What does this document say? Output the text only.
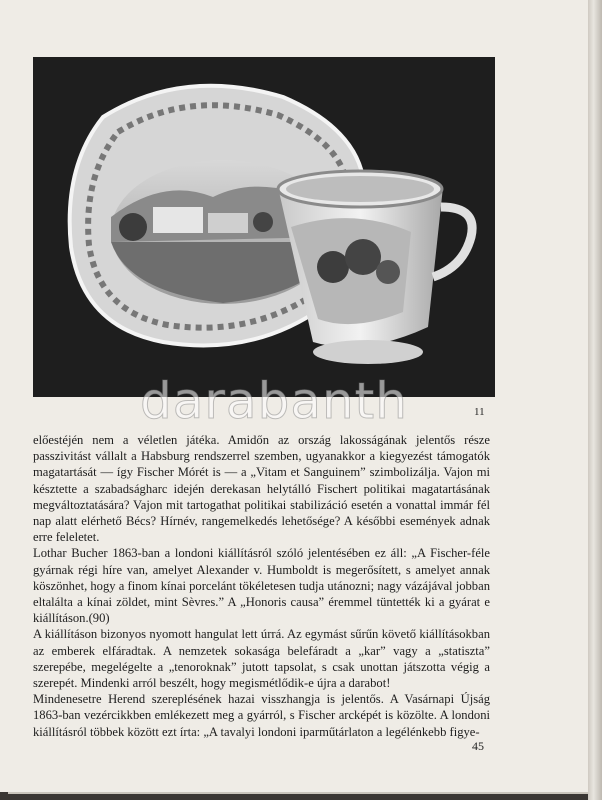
darabanth	11

előestéjén nem a véletlen játéka. Amidőn az ország lakosságának jelentős része passzivitást vállalt a Habsburg rendszerrel szemben, ugyanakkor a kiegyezést támogatók magatartását — így Fischer Mórét is — a „Vitam et Sanguinem” szimbolizálja. Vajon mi késztette a szabadságharc idején derekasan helytálló Fischert politikai magatartásának megváltoztatására? Vajon mit tartogathat politikai stabilizáció esetén a vonattal immár fél nap alatt elérhető Bécs? Hírnév, rangemelkedés lehetősége? A későbbi események adnak erre feleletet.

Lothar Bucher 1863-ban a londoni kiállításról szóló jelentésében ez áll: „A Fischer-féle gyárnak régi híre van, amelyet Alexander v. Humboldt is megerősített, s amelyet annak köszönhet, hogy a finom kínai porcelánt tökéletesen tudja utánozni; nagy vázájával jobban eltalálta a kínai zöldet, mint Sèvres.” A „Honoris causa” éremmel tüntették ki a gyárat e kiállításon.(90)

A kiállításon bizonyos nyomott hangulat lett úrrá. Az egymást sűrűn követő kiállításokban az emberek elfáradtak. A nemzetek sokasága belefáradt a „kar” vagy a „statiszta” szerepébe, megelégelte a „tenoroknak” jutott tapsolat, s csak unottan játszotta végig a szerepét. Mindenki arról beszélt, hogy megismétlődik-e újra a darabot!

Mindenesetre Herend szereplésének hazai visszhangja is jelentős. A Vasárnapi Újság 1863-ban vezércikkben emlékezett meg a gyárról, s Fischer arcképét is közölte. A londoni kiállításról többek között ezt írta: „A tavalyi londoni iparműtárlaton a legélénkebb figye-

45
